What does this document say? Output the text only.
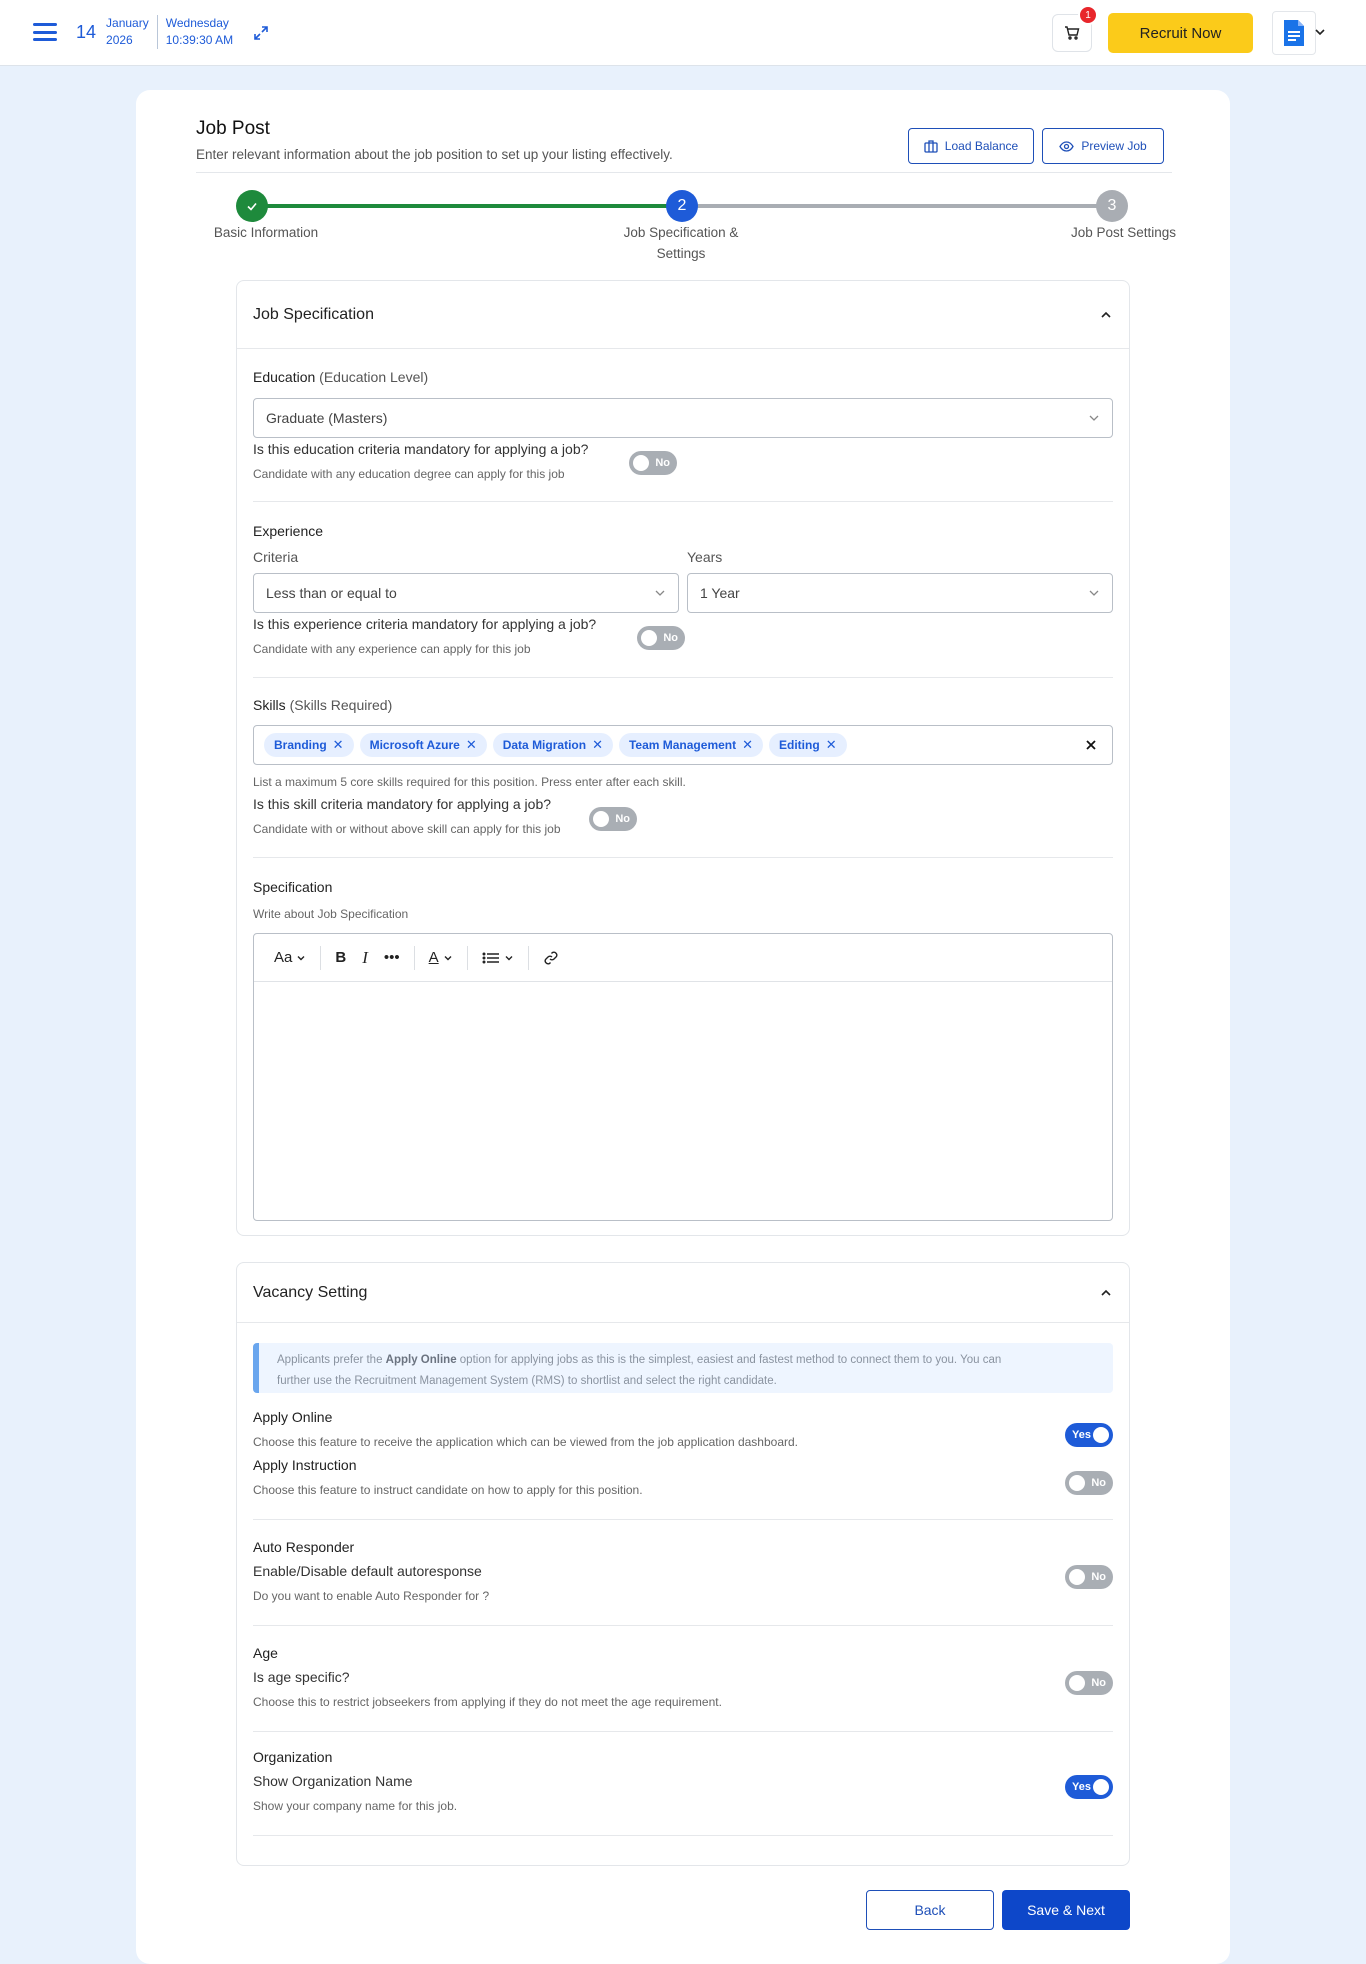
14 January
2026
Wednesday
10:39:30 AM
1
Recruit Now
Job Post
Enter relevant information about the job position to set up your listing effectively.
Load Balance	Preview Job
2	3
Basic Information	Job Specification &
Settings
Job Post Settings
Job Specification
Education (Education Level)
Graduate (Masters)
Is this education criteria mandatory for applying a job?
Candidate with any education degree can apply for this job
No
Experience
Criteria	Years
Less than or equal to	1 Year
Is this experience criteria mandatory for applying a job?
Candidate with any experience can apply for this job
No
Skills (Skills Required)
Branding ✕ Microsoft Azure ✕ Data Migration ✕ Team Management ✕ Editing ✕
List a maximum 5 core skills required for this position. Press enter after each skill.
Is this skill criteria mandatory for applying a job?
Candidate with or without above skill can apply for this job
No
Specification
Write about Job Specification
Aa	B I	•••	A
Vacancy Setting
Applicants prefer the Apply Online option for applying jobs as this is the simplest, easiest and fastest method to connect them to you. You can
further use the Recruitment Management System (RMS) to shortlist and select the right candidate.
Apply Online
Choose this feature to receive the application which can be viewed from the job application dashboard.	Yes
Apply Instruction
Choose this feature to instruct candidate on how to apply for this position.	No
Auto Responder
Enable/Disable default autoresponse
Do you want to enable Auto Responder for ?
No
Age
Is age specific?
Choose this to restrict jobseekers from applying if they do not meet the age requirement.
No
Organization
Show Organization Name
Show your company name for this job.
Yes
Back	Save & Next
